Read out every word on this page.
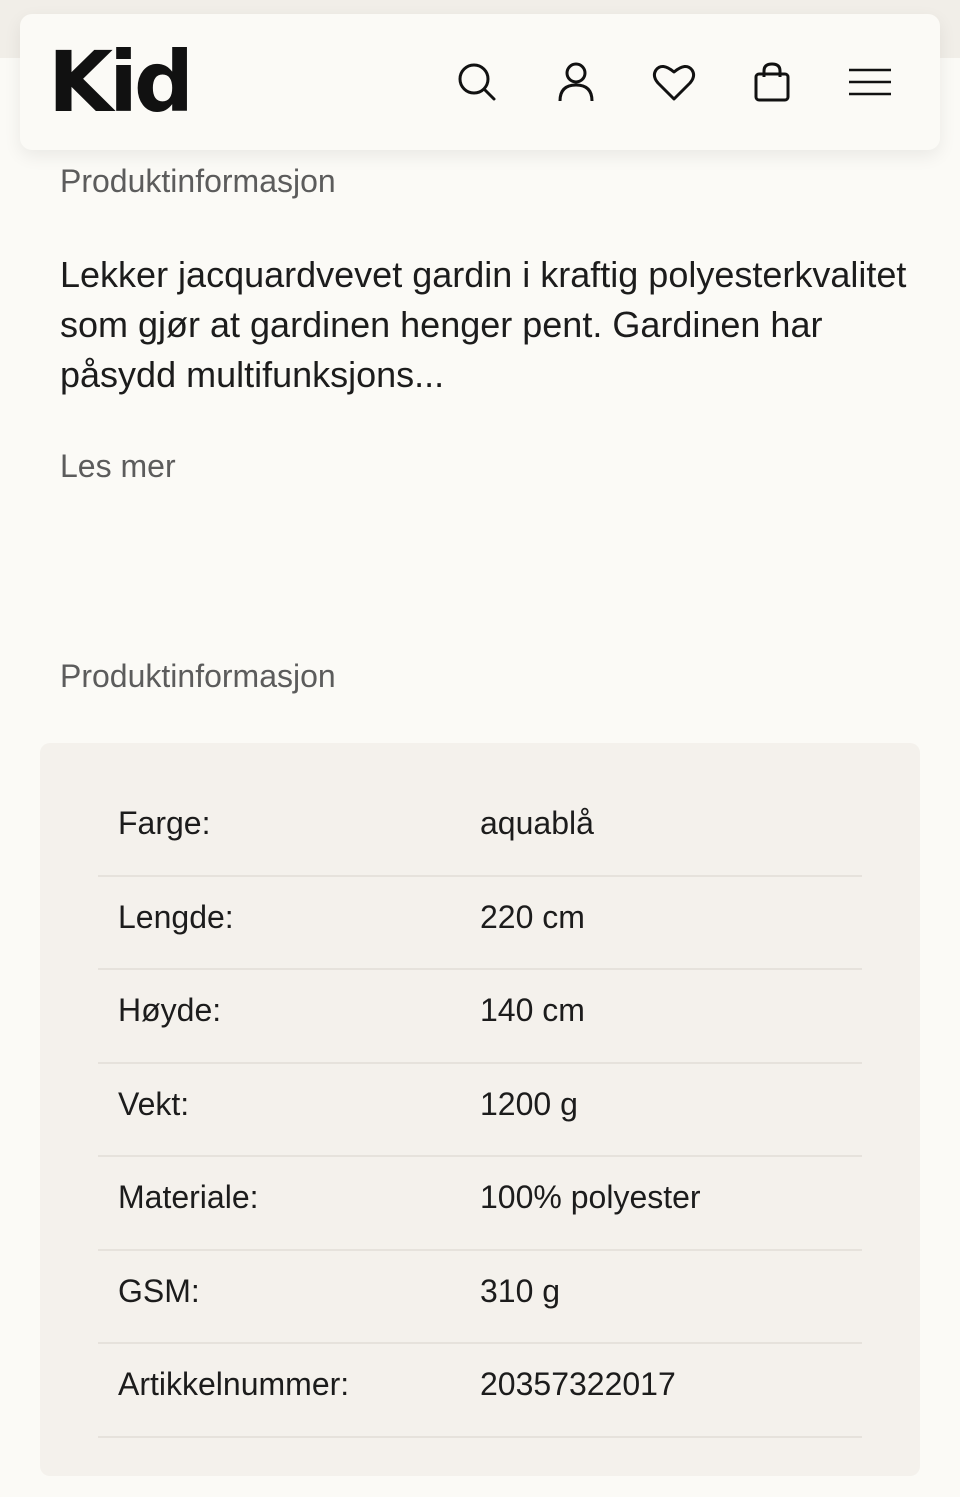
Kid
Produktinformasjon

Lekker jacquardvevet gardin i kraftig polyesterkvalitet som gjør at gardinen henger pent. Gardinen har påsydd multifunksjons...

Les mer
Produktinformasjon
Farge:	aquablå
Lengde:	220 cm
Høyde:	140 cm
Vekt:	1200 g
Materiale:	100% polyester
GSM:	310 g
Artikkelnummer:	20357322017
